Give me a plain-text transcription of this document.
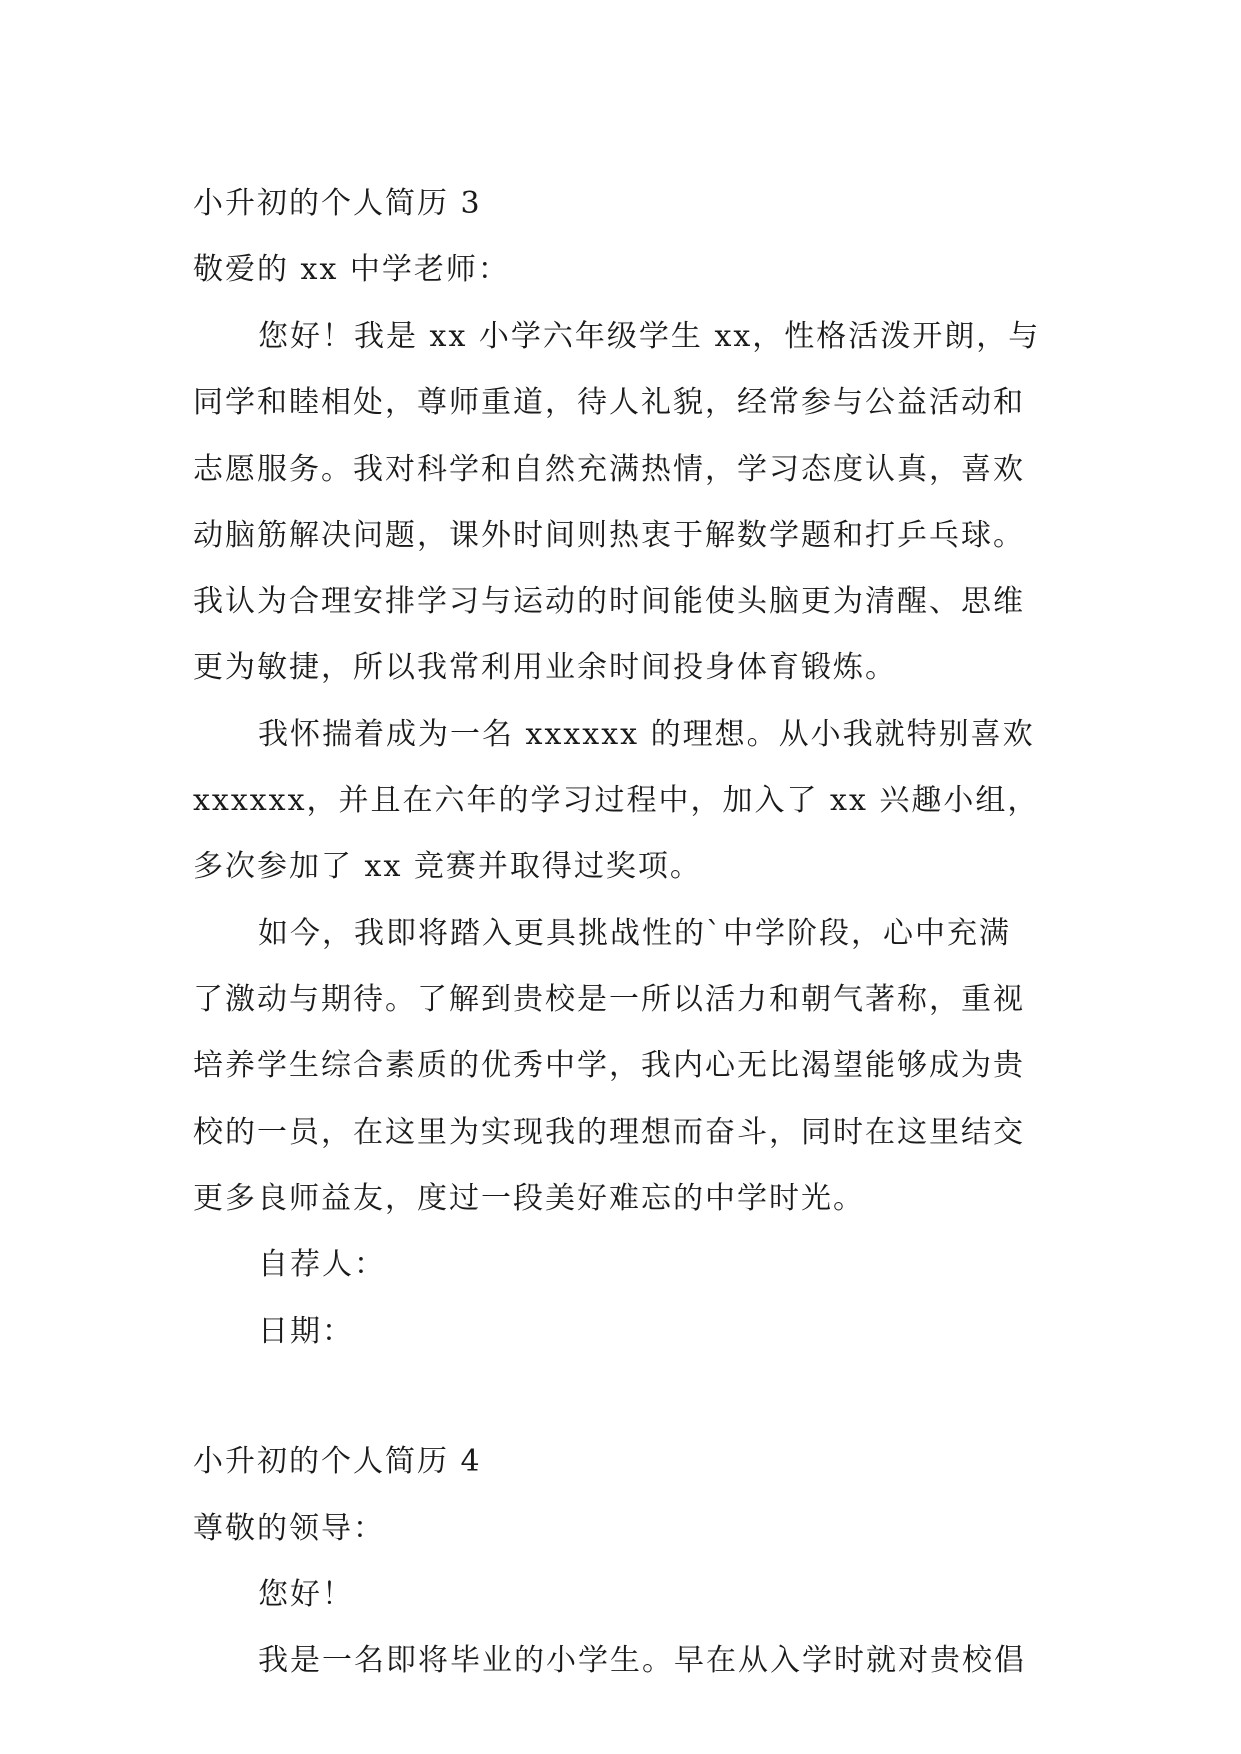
小升初的个人简历 3
敬爱的 xx 中学老师：
您好！我是 xx 小学六年级学生 xx，性格活泼开朗，与
同学和睦相处，尊师重道，待人礼貌，经常参与公益活动和
志愿服务。我对科学和自然充满热情，学习态度认真，喜欢
动脑筋解决问题，课外时间则热衷于解数学题和打乒乓球。
我认为合理安排学习与运动的时间能使头脑更为清醒、思维
更为敏捷，所以我常利用业余时间投身体育锻炼。
我怀揣着成为一名 xxxxxx 的理想。从小我就特别喜欢
xxxxxx，并且在六年的学习过程中，加入了 xx 兴趣小组，
多次参加了 xx 竞赛并取得过奖项。
如今，我即将踏入更具挑战性的`中学阶段，心中充满
了激动与期待。了解到贵校是一所以活力和朝气著称，重视
培养学生综合素质的优秀中学，我内心无比渴望能够成为贵
校的一员，在这里为实现我的理想而奋斗，同时在这里结交
更多良师益友，度过一段美好难忘的中学时光。
自荐人：
日期：
小升初的个人简历 4
尊敬的领导：
您好！
我是一名即将毕业的小学生。早在从入学时就对贵校倡
